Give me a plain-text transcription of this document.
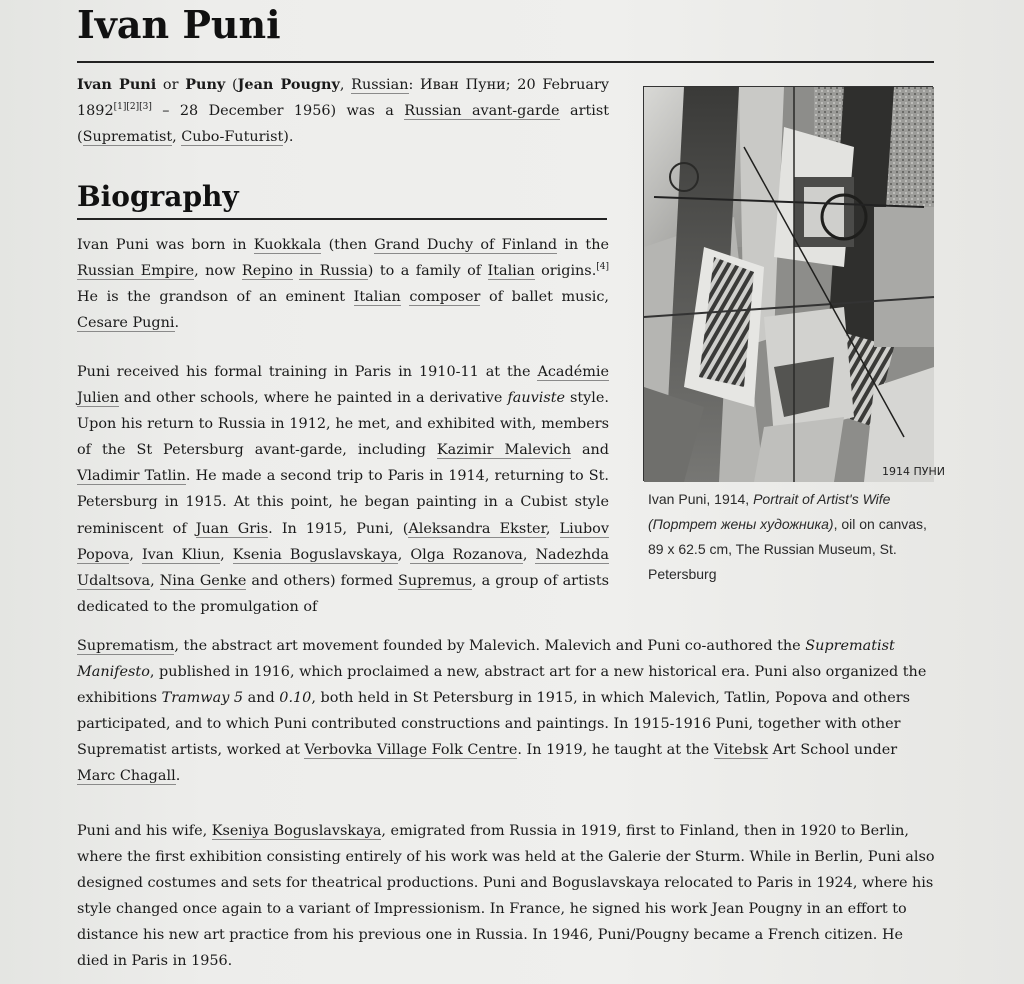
Ivan Puni

Ivan Puni or Puny (Jean Pougny, Russian: Иван Пуни; 20 February 1892[1][2][3] – 28 December 1956) was a Russian avant-garde artist (Suprematist, Cubo-Futurist).

Biography

Ivan Puni was born in Kuokkala (then Grand Duchy of Finland in the Russian Empire, now Repino in Russia) to a family of Italian origins.[4] He is the grandson of an eminent Italian composer of ballet music, Cesare Pugni.

Puni received his formal training in Paris in 1910-11 at the Académie Julien and other schools, where he painted in a derivative fauviste style. Upon his return to Russia in 1912, he met, and exhibited with, members of the St Petersburg avant-garde, including Kazimir Malevich and Vladimir Tatlin. He made a second trip to Paris in 1914, returning to St. Petersburg in 1915. At this point, he began painting in a Cubist style reminiscent of Juan Gris. In 1915, Puni, (Aleksandra Ekster, Liubov Popova, Ivan Kliun, Ksenia Boguslavskaya, Olga Rozanova, Nadezhda Udaltsova, Nina Genke and others) formed Supremus, a group of artists dedicated to the promulgation of

Suprematism, the abstract art movement founded by Malevich. Malevich and Puni co-authored the Suprematist Manifesto, published in 1916, which proclaimed a new, abstract art for a new historical era. Puni also organized the exhibitions Tramway 5 and 0.10, both held in St Petersburg in 1915, in which Malevich, Tatlin, Popova and others participated, and to which Puni contributed constructions and paintings. In 1915-1916 Puni, together with other Suprematist artists, worked at Verbovka Village Folk Centre. In 1919, he taught at the Vitebsk Art School under Marc Chagall.

Puni and his wife, Kseniya Boguslavskaya, emigrated from Russia in 1919, first to Finland, then in 1920 to Berlin, where the first exhibition consisting entirely of his work was held at the Galerie der Sturm. While in Berlin, Puni also designed costumes and sets for theatrical productions. Puni and Boguslavskaya relocated to Paris in 1924, where his style changed once again to a variant of Impressionism. In France, he signed his work Jean Pougny in an effort to distance his new art practice from his previous one in Russia. In 1946, Puni/Pougny became a French citizen. He died in Paris in 1956.

1914 ПУНИ
Ivan Puni, 1914, Portrait of Artist's Wife (Портрет жены художника), oil on canvas, 89 x 62.5 cm, The Russian Museum, St. Petersburg
